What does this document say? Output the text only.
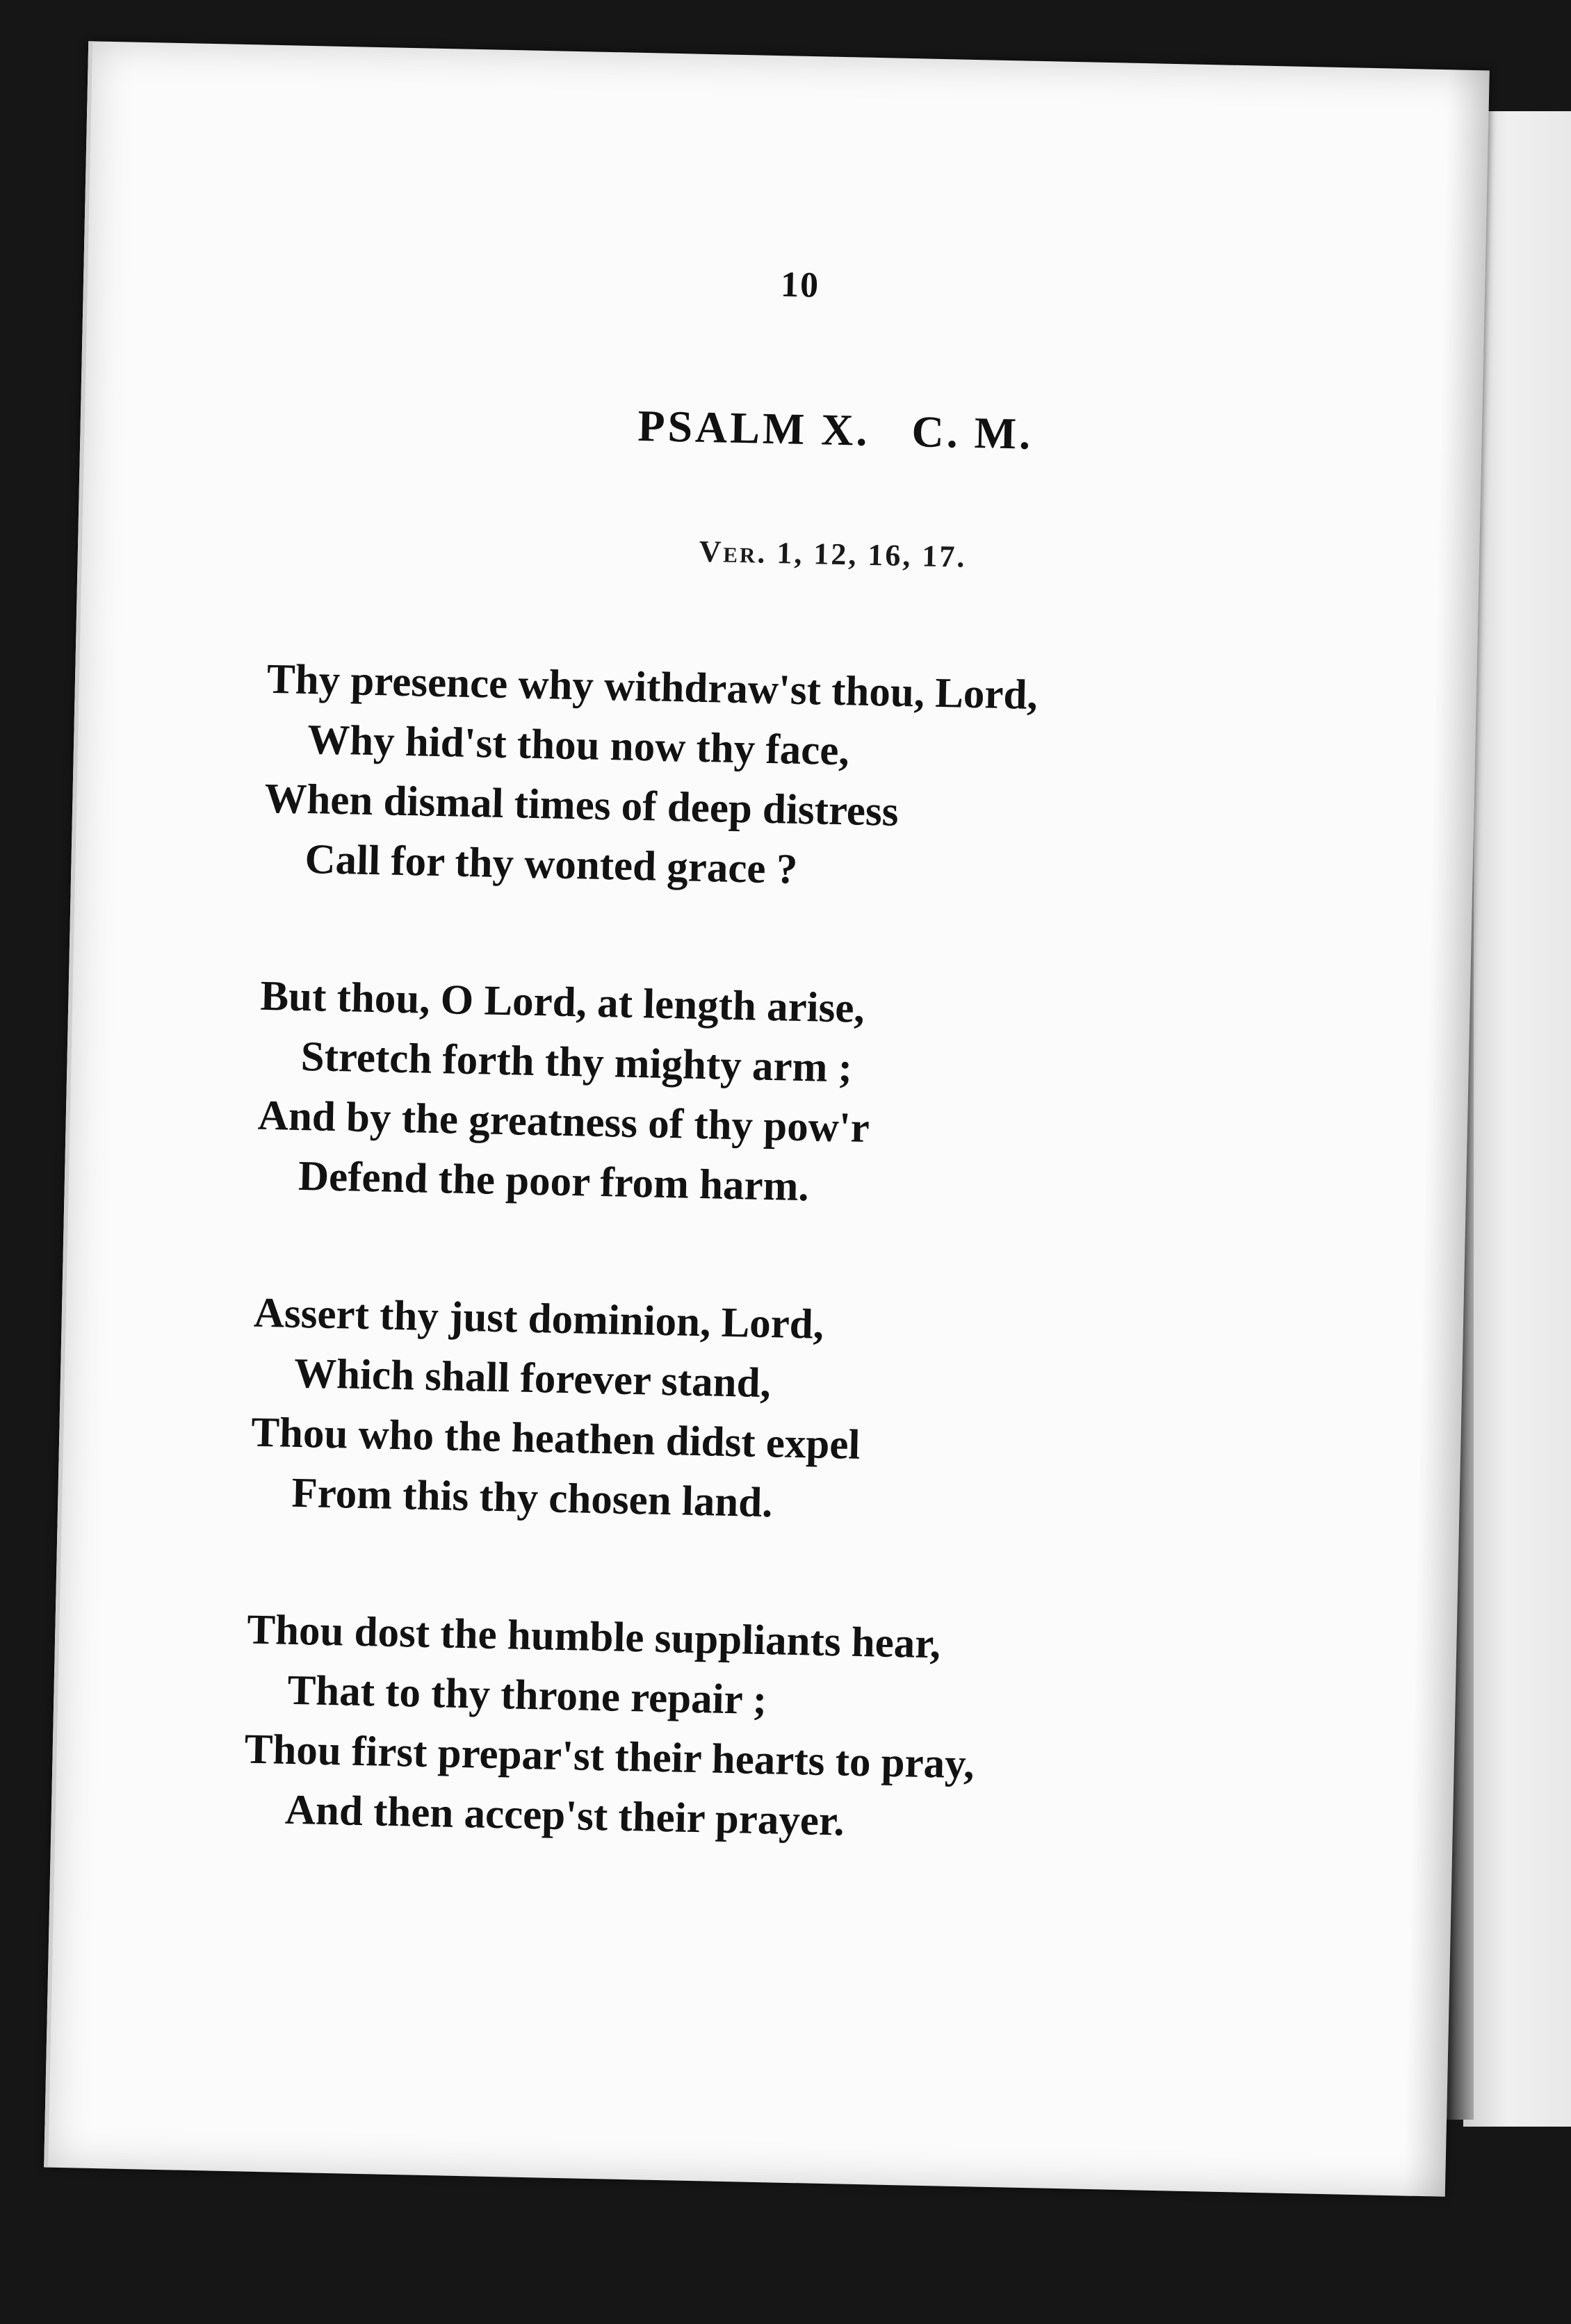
10
PSALM X.   C. M.
Ver. 1, 12, 16, 17.
Thy presence why withdraw'st thou, Lord,
Why hid'st thou now thy face,
When dismal times of deep distress
Call for thy wonted grace ?
But thou, O Lord, at length arise,
Stretch forth thy mighty arm ;
And by the greatness of thy pow'r
Defend the poor from harm.
Assert thy just dominion, Lord,
Which shall forever stand,
Thou who the heathen didst expel
From this thy chosen land.
Thou dost the humble suppliants hear,
That to thy throne repair ;
Thou first prepar'st their hearts to pray,
And then accep'st their prayer.
